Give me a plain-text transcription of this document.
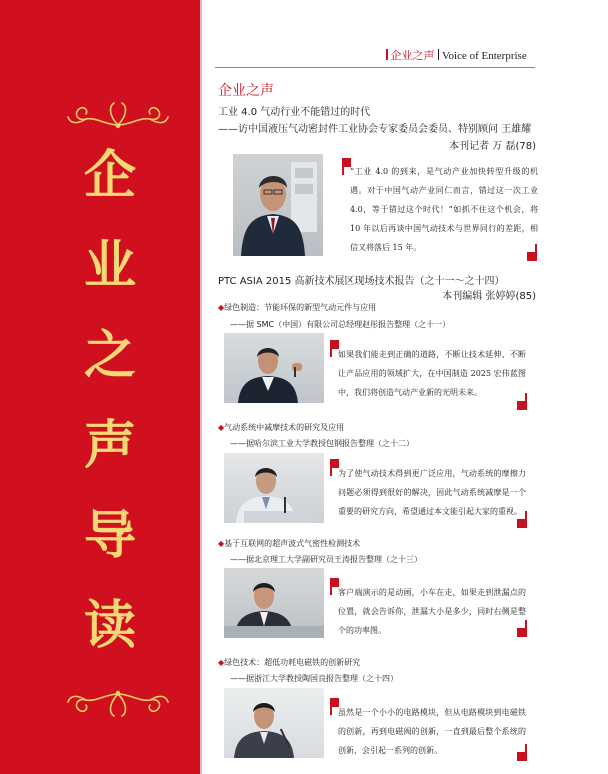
企
业
之
声
导
读
企业之声 Voice of Enterprise
企业之声
工业 4.0 气动行业不能错过的时代
——访中国液压气动密封件工业协会专家委员会委员、特别顾问 王雄耀
本刊记者 万 磊(78)
“工业 4.0 的到来，是气动产业加快转型升级的机遇。对于中国气动产业同仁而言，错过这一次工业 4.0，等于错过这个时代！”如抓不住这个机会，将 10 年以后再谈中国气动技术与世界同行的差距，相信又将落后 15 年。
PTC ASIA 2015 高新技术展区现场技术报告（之十一～之十四）
本刊编辑 张婷婷(85)
◆绿色制造：节能环保的新型气动元件与应用
——据 SMC（中国）有限公司总经理赵彤报告整理（之十一）
如果我们能走到正确的道路，不断让技术延伸、不断让产品应用的领域扩大，在中国制造 2025 宏伟蓝图中，我们将创造气动产业新的光明未来。
◆气动系统中减摩技术的研究及应用
——据哈尔滨工业大学教授包钢报告整理（之十二）
为了使气动技术得到更广泛应用，气动系统的摩擦力问题必须得到很好的解决，因此气动系统减摩是一个重要的研究方向，希望通过本文能引起大家的重视。
◆基于互联网的超声波式气密性检测技术
——据北京理工大学副研究员王涛报告整理（之十三）
客户端演示的是动画，小车在走，如果走到泄漏点的位置，就会告诉你，泄漏大小是多少，同时右侧是整个的功率图。
◆绿色技术：超低功耗电磁铁的创新研究
——据浙江大学教授陶国良报告整理（之十四）
虽然是一个小小的电路模块，但从电路模块到电磁铁的创新，再到电磁阀的创新，一直到最后整个系统的创新，会引起一系列的创新。
